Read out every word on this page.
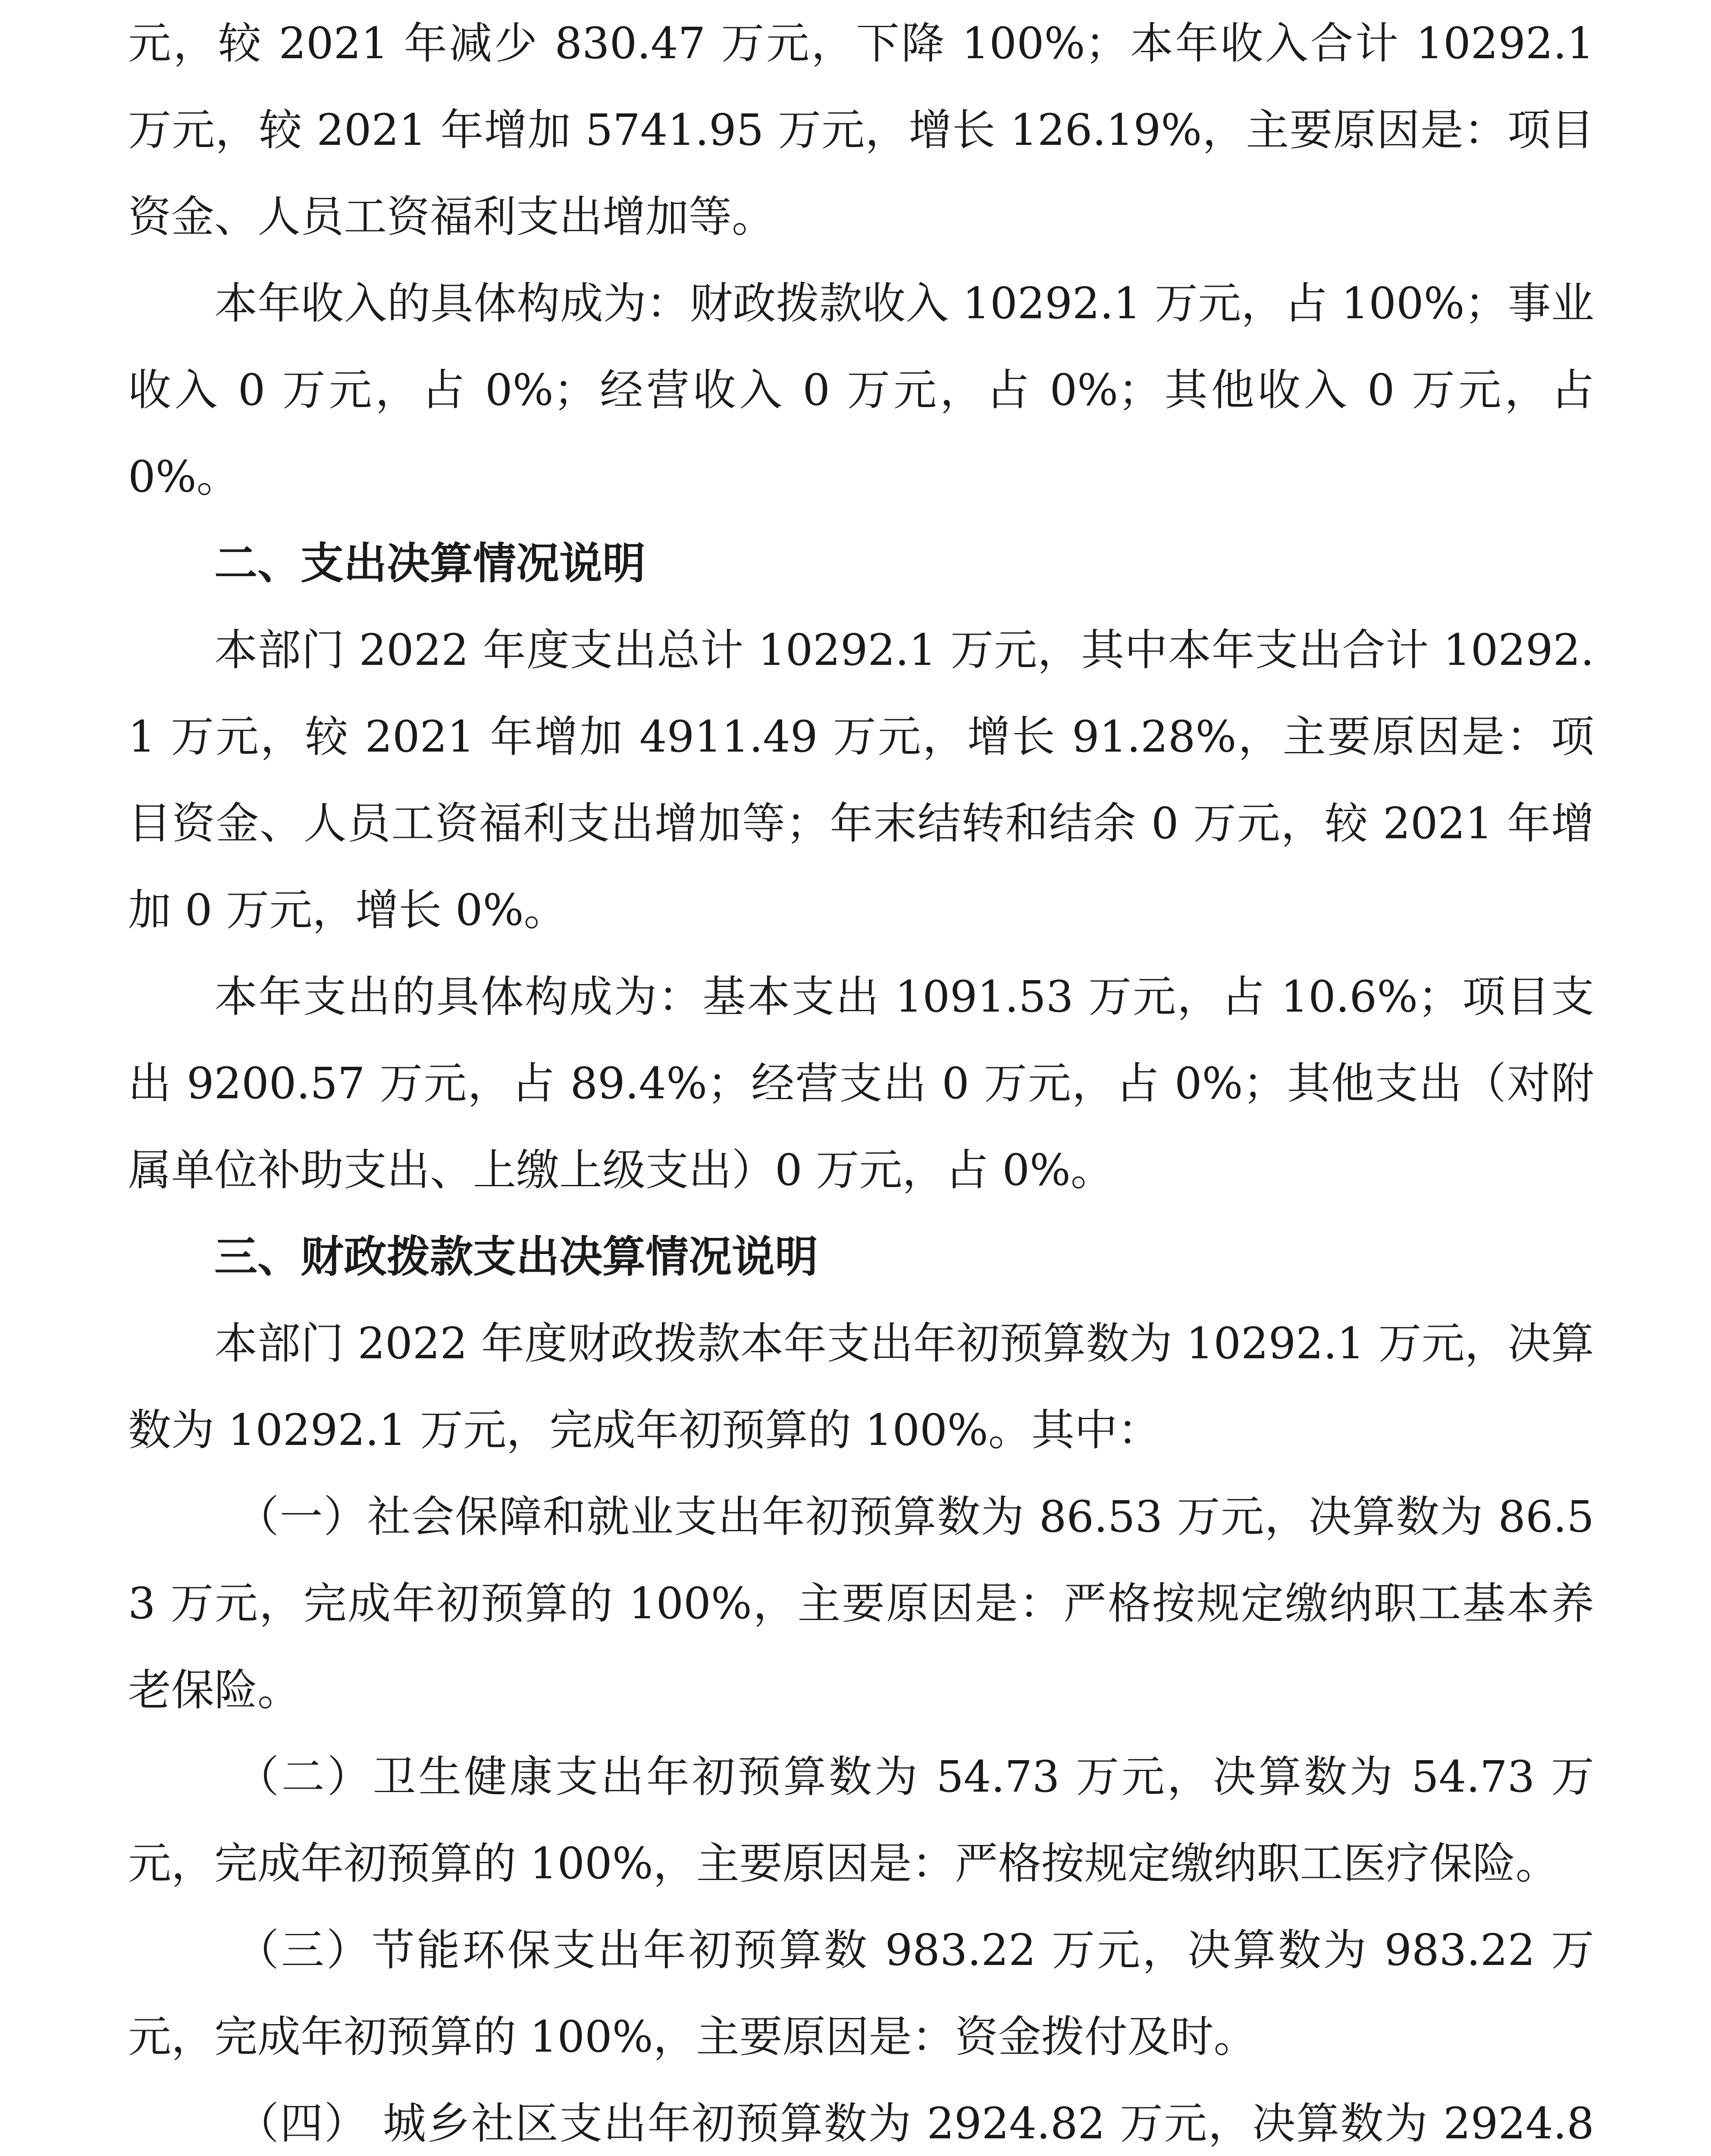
元，较 2021 年减少 830.47 万元，下降 100%；本年收入合计 10292.1 万元，较 2021 年增加 5741.95 万元，增长 126.19%，主要原因是：项目资金、人员工资福利支出增加等。

本年收入的具体构成为：财政拨款收入 10292.1 万元，占 100%；事业收入 0 万元，占 0%；经营收入 0 万元，占 0%；其他收入 0 万元，占 0%。

二、支出决算情况说明

本部门 2022 年度支出总计 10292.1 万元，其中本年支出合计 10292.1 万元，较 2021 年增加 4911.49 万元，增长 91.28%，主要原因是：项目资金、人员工资福利支出增加等；年末结转和结余 0 万元，较 2021 年增加 0 万元，增长 0%。

本年支出的具体构成为：基本支出 1091.53 万元，占 10.6%；项目支出 9200.57 万元，占 89.4%；经营支出 0 万元，占 0%；其他支出（对附属单位补助支出、上缴上级支出）0 万元，占 0%。

三、财政拨款支出决算情况说明

本部门 2022 年度财政拨款本年支出年初预算数为 10292.1 万元，决算数为 10292.1 万元，完成年初预算的 100%。其中：

（一）社会保障和就业支出年初预算数为 86.53 万元，决算数为 86.53 万元，完成年初预算的 100%，主要原因是：严格按规定缴纳职工基本养老保险。

（二）卫生健康支出年初预算数为 54.73 万元，决算数为 54.73 万元，完成年初预算的 100%，主要原因是：严格按规定缴纳职工医疗保险。

（三）节能环保支出年初预算数 983.22 万元，决算数为 983.22 万元，完成年初预算的 100%，主要原因是：资金拨付及时。

（四） 城乡社区支出年初预算数为 2924.82 万元，决算数为 2924.8
